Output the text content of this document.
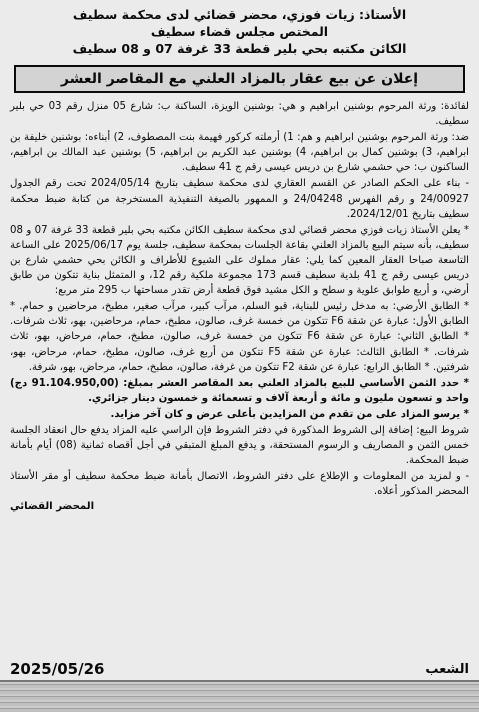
الأستاذ: زيات فوزي، محضر قضائي لدى محكمة سطيف
المختص مجلس قضاء سطيف
الكائن مكتبه بحي بلير قطعة 33 غرفة 07 و 08 سطيف
إعلان عن بيع عقار بالمزاد العلني مع المقاصر العشر

لفائدة: ورثة المرحوم بوشنين ابراهيم و هي: بوشنين الويزة، الساكنة ب: شارع 05 منزل رقم 03 حي بلير سطيف.

ضد: ورثة المرحوم بوشنين ابراهيم و هم: 1) أرملته كركور فهيمة بنت المصطوف، 2) أبناءه: بوشنين خليفة بن ابراهيم، 3) بوشنين كمال بن ابراهيم، 4) بوشنين عبد الكريم بن ابراهيم، 5) بوشنين عبد المالك بن ابراهيم، الساكنون ب: حي حشمي شارع بن دريس عيسى رقم ج 41 سطيف.

- بناء على الحكم الصادر عن القسم العقاري لدى محكمة سطيف بتاريخ 2024/05/14 تحت رقم الجدول 24/00927 و رقم الفهرس 24/04248 و الممهور بالصيغة التنفيذية المستخرجة من كتابة ضبط محكمة سطيف بتاريخ 2024/12/01.

* يعلن الأستاذ زيات فوزي محضر قضائي لدى محكمة سطيف الكائن مكتبه بحي بلير قطعة 33 غرفة 07 و 08 سطيف، بأنه سيتم البيع بالمزاد العلني بقاعة الجلسات بمحكمة سطيف، جلسة يوم 2025/06/17 على الساعة التاسعة صباحا العقار المعين كما يلي: عقار مملوك على الشيوع للأطراف و الكائن بحي حشمي شارع بن دريس عيسى رقم ج 41 بلدية سطيف قسم 173 مجموعة ملكية رقم 12، و المتمثل بناية تتكون من طابق أرضي، و أربع طوابق علوية و سطح و الكل مشيد فوق قطعة أرض تقدر مساحتها ب 295 متر مربع:

* الطابق الأرضي: به مدخل رئيس للبناية، قبو السلم، مرآب كبير، مرآب صغير، مطبخ، مرحاضين و حمام. * الطابق الأول: عبارة عن شقة F6 تتكون من خمسة غرف، صالون، مطبخ، حمام، مرحاضين، بهو، ثلاث شرفات. * الطابق الثاني: عبارة عن شقة F6 تتكون من خمسة غرف، صالون، مطبخ، حمام، مرحاض، بهو، ثلاث شرفات. * الطابق الثالث: عبارة عن شقة F5 تتكون من أربع غرف، صالون، مطبخ، حمام، مرحاض، بهو، شرفتين. * الطابق الرابع: عبارة عن شقة F2 تتكون من غرفة، صالون، مطبخ، حمام، مرحاض، بهو، شرفة.

* حدد الثمن الأساسي للبيع بالمزاد العلني بعد المقاصر العشر بمبلغ: (91.104.950,00 دج) واحد و تسعون مليون و مائة و أربعة آلاف و تسعمائة و خمسون دينار جزائري.

* يرسو المزاد على من تقدم من المزايدين بأعلى عرض و كان آخر مزايد.

شروط البيع: إضافة إلى الشروط المذكورة في دفتر الشروط فإن الراسي عليه المزاد يدفع حال انعقاد الجلسة خمس الثمن و المصاريف و الرسوم المستحقة، و يدفع المبلغ المتبقي في أجل أقصاه ثمانية (08) أيام بأمانة ضبط المحكمة.

- و لمزيد من المعلومات و الإطلاع على دفتر الشروط، الاتصال بأمانة ضبط محكمة سطيف أو مقر الأستاذ المحضر المذكور أعلاه.
المحضر القضائي
الشعب
2025/05/26
